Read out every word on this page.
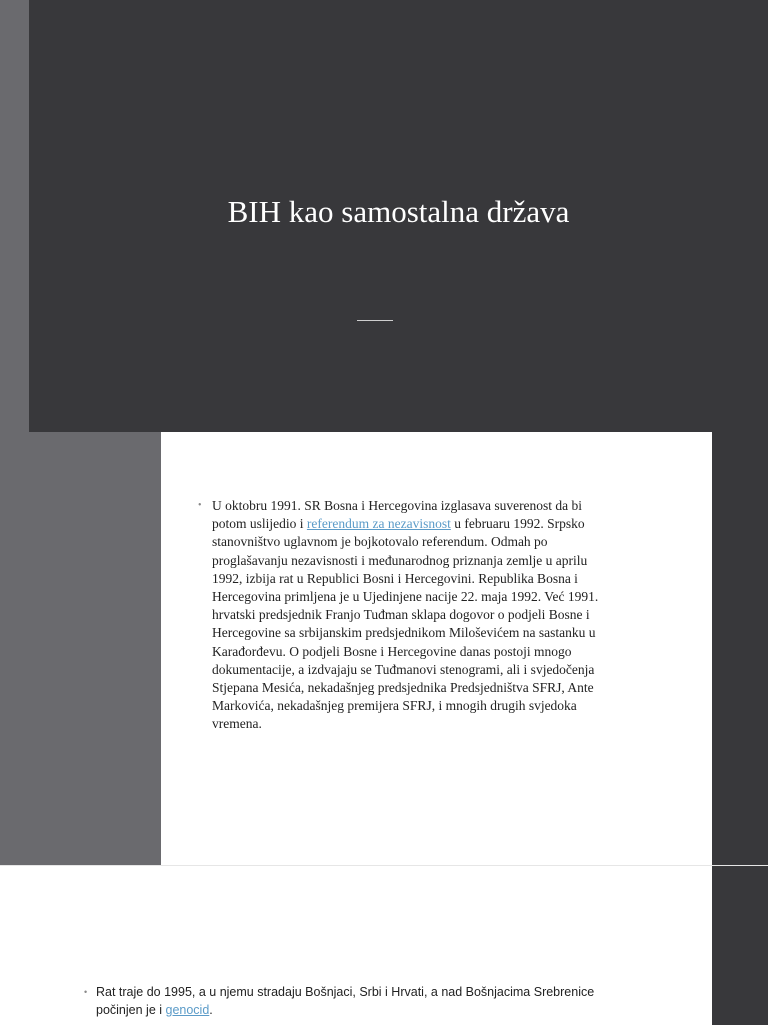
BIH kao samostalna država
• U oktobru 1991. SR Bosna i Hercegovina izglasava suverenost da bi potom uslijedio i referendum za nezavisnost u februaru 1992. Srpsko stanovništvo uglavnom je bojkotovalo referendum. Odmah po proglašavanju nezavisnosti i međunarodnog priznanja zemlje u aprilu 1992, izbija rat u Republici Bosni i Hercegovini. Republika Bosna i Hercegovina primljena je u Ujedinjene nacije 22. maja 1992. Već 1991. hrvatski predsjednik Franjo Tuđman sklapa dogovor o podjeli Bosne i Hercegovine sa srbijanskim predsjednikom Miloševićem na sastanku u Karađorđevu. O podjeli Bosne i Hercegovine danas postoji mnogo dokumentacije, a izdvajaju se Tuđmanovi stenogrami, ali i svjedočenja Stjepana Mesića, nekadašnjeg predsjednika Predsjedništva SFRJ, Ante Markovića, nekadašnjeg premijera SFRJ, i mnogih drugih svjedoka vremena.
• Rat traje do 1995, a u njemu stradaju Bošnjaci, Srbi i Hrvati, a nad Bošnjacima Srebrenice počinjen je i genocid.
